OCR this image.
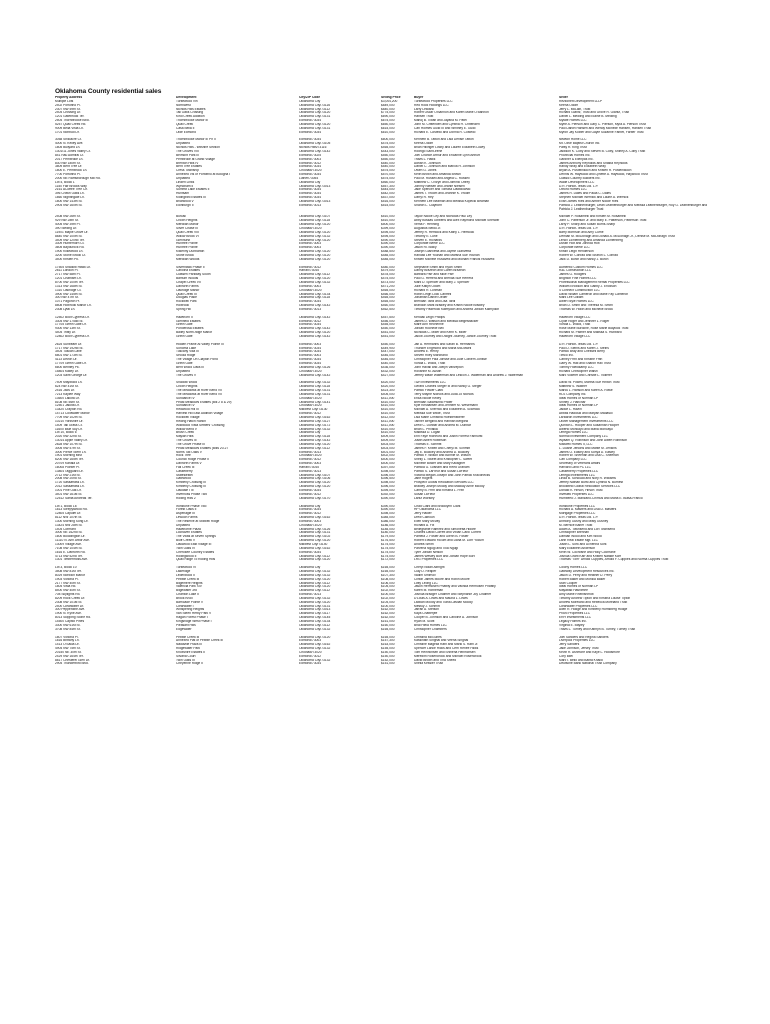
Oklahoma County residential sales
Property Address	Development	City/ZIP Code	Selling Price	Buyer	Seller
Multiple Lots	Turtlewood Vlh	Oklahoma City	$3,004,200	Turtlewood Properties LLC	Rezzonett Development LLLP
2402 Portofino Pl.	Northwest	Oklahoma City/73116	$849,000	Red Rock Holdings LLC	Keena Odom
2307 NW 59th St.	Nichols Hills Estates	Oklahoma City/73112	$840,000	Larry LeBlanc	Jerry L. McLain, Trust
2404 Crossing Dr.	Tall Oaks Crossing	Oklahoma City/73120	$775,000	Robert Oscar O'Bannon and Karen Marie O'Bannon	Richard Glantz, Trust and Grove R. Glantz, Trust
1201 Gatebrook Ter.	Kind Creek Addition	Oklahoma City/73131	$690,000	Hansen Trust	Daniel L. Medling and Elaine B. Medling
2504 Thornbrooke Blvd.	Thornbrooke Manor III	Edmond/73034	$675,000	Manoj B. Tiwari and Jayana M. Patel	Mylate Homes LLC
5257 Quail Creek Rd.	Quail Creek	Oklahoma City/73120	$650,000	John M. Crittenden and Cynthia H. Crittenden	Myrle A. Pierson and Gary C. Pierson, Myra A. Pierson Trust
9009 Bella Vista Ln.	Casa Bella II	Oklahoma City/73131	$615,000	Carl Holmes Guild III and Whitney E. Guild	Paul Daniel Hansen and Wendy Michelle Hansen, Hansen Trust
1701 Nonbud Dr.	Olde Edmond	Edmond/73034	$610,000	Richard E. Costello and Donna R. Costello	Myron Jay Kolber and Gayle Suzanne Farbet, Farber Trust

3058 Shiloacre Ct.	Thornbrooke Manor III Ph II	Edmond/73034	$600,000	Kenneth B. Tatton and Lisa Denise Tatton	Newton Home LLC
4000 N. Kelley Ave.	Unplatted	Oklahoma City/73105	$475,000	Keena Odom	Mt. Olive Baptist Church Inc.
1805 Bullyard Ln.	Nichols Hills - Wilshire Section	Nichols Hills/73116	$465,000	Brian Hillinger Lowry and Lauren Elizabeth Lowry	Patsy R. King Trust
1301/11 Jones Valley Ct.	The Groves VIII	Oklahoma City/73142	$443,000	Rodrigo Saint-Irene	Jackson K. Coby and Steven B. Coby, Shirley A. Coby Trust
841 Rau Admiral Ct.	Belmont Park III	Edmond/73025	$550,000	Joel Chance Arthur and Ericanne Lynn Arthurt	Provincial Homes Inc.
2017 Pembroke Ln.	Pembroke at Grand Village	Edmond/73003	$550,000	Travis L. Hawk	Gardner & Ellenpas Inc.
830 NW 180th St.	Brenton Hills IV	Edmond/73012	$540,000	Adrian K. Johnson	James Anthony Reynolds and Shasta Reynolds
3809 Bent Tree Dr.	Bent Tree Estates	Edmond/73034	$540,000	Daniel C. Johnson and Marcia H. Johnson	Randy Wray and Elizabeth Wray
1800 E. Pembrook Ln.	Cress Township	Choctaw/73020	$575,000	Owen G. Jones	Bryan A. Pustelnikoch and Kristen R. Pustelnikoch
7700 Portofino Pl.	Annexed Vls of Portofino at Bologna I	Edmond/73034	$570,000	Keith Brown and Amanda Brown	Dennis W. Haywood and Lynette A. Haywood, Haywood Trust
2000 NE Ramsborough Mill Rd.	Unplatted	Luther/73054	$575,000	Paul M. Russell and Angela C. Russell	Classic Country Builders Inc.
Lot 4, Block 1	Linden Links	Oklahoma City	$560,000	Matthew C. O'Bryn and Dominic Obrey	Wade Development LLC
1150 Fair Brooks Way	Wyndham II	Oklahoma City/73013	$557,300	Johnny Nielsen and Jeanie Nielsen	D.R. Horton-Texas Ltd. L.P.
2161 ACoffee Tree Cir.	Summit Lake Estates II	Edmond/73034	$544,000	Jake Spencer and Tomasz Dawidowski	Oxford Homes LLC
396 Crown Oaks Ln.	Huntsam	Edmond/73034	$542,000	James T. Vroom and Jeannie K. Vroom	James R. Dales and Paula C. Dales
1860 Nightingale Ln.	Kidingbird Estates III	Edmond/73034	$537,000	Darryl R. Rey	Stephen Michael Wernick and Laurie A. Wernick
1800 NW 143th St.	Briarwood V	Oklahoma City/73013	$516,000	Kenneth Lee Beaman and Melissa Kopecki Beaman	Evan James Ries and Amber Nicole Ries
2904 NW 160th St.	Edinburgh II	Edmond/73013	$515,000	Sharon L. Clayborn	Patricia J. Leathenburger, Dean Leathenburger and Melissa Leathenburger, Roy G. Leathenburger and Patricia J. Leathenburger Trust

2408 NW 26th St.	Burcall	Oklahoma City/73107	$510,000	Taylor Nicole Ley and Nicholas Paul Ley	Michael P. Rosamelli and Kristen M. Rosamelli
929 NW 28th St.	Crown Heights	Oklahoma City/73118	$510,000	Abby Boskas Gibbens and Alex Raymond Michael Sherwar	John C. Patterson Jr. and Mary E. Patterson, Patterson Trust
4005 NW 39th Pl.	Meridian Manor	Oklahoma City/73120	$500,000	Verna F. Henning	Larry P. Sharp and Susan Burns-Sharp
390 Stelling Dr.	Silver Chase III	Choctaw/73020	$399,000	Augustus Beldu Jr.	D.R. Horton-Texas Ltd. L.P.
11901 Maple Grove Dr.	Quail Creek VIII	Oklahoma City/73120	$495,000	Jeffrey R. Hemlock and Kathy L. Hemlock	Barry Morrison and Amy Currie
8840 NW 100th St.	Willow Brook VI	Oklahoma City/73132	$495,000	Timothy E. Lurie	Demian M. McDonagh and Donald A. McDonagh Jr., Denise M. McDonagh Trust
3409 NW 120nd Ter.	Glenhurst	Oklahoma City/73120	$490,000	Steven E. Richards	Lenox Lichtenberg and Amanda Lichtenberg
3309 Hunterhorn Ct.	Huntree Pointe	Edmond/73003	$390,000	Corporate Bertie LLC	Dustin Holt and Johnda Holt
3605 Bayourock Rd.	Huntree Pointe	Edmond/73003	$390,000	Jason Ri. Bodiy	Corporate Bertie LLC
1900 Kilkewood Ln.	Kilkenny Dunbarton	Oklahoma City/73120	$488,500	Joseph Gianvetta and Jayme Gianvetta	Kristin Leigh Henderson
3200 Stone Brook Ct.	Stone Brook	Oklahoma City/73120	$485,000	Randall Lee Younan and Marsha Sue Younan	Robert W. Conrad and Sharon L. Conrad
3400 Kristen Pk.	Meridian Woods	Oklahoma City/73120	$485,000	Kristen Michele Rusavelli and Michael Francis Rusavelli	Jack D. Burch and Nancy J. Burch

17505 Shadow Hawk Ln.	Silverhawk Phase II	Edmond/73012	$480,000	Stephanie Smith and Ryan Smith	Authentic Custom Homes LLC
2811 London Pl.	Carolina Estates	Harrah/73045	$479,000	Danny Brazeon and Caren Brazeon	R&L Construction LLC
2717 NW 58th Pl.	Classen Parkway South	Oklahoma City/73112	$478,000	Barbara Parr and Mike Parr	James G. Rodgers
1201 Chatham Ln.	Bamum Woods	Oklahoma City/73120	$475,000	Paul G. Herrera and Brenda Sue Herrera	Brighton Fine Homes LLC
8700 NW 100th Ter.	Chapel Creek VII	Oklahoma City/73132	$473,000	Mark D. Spencer and Mary J. Spencer	Professional Management Rental Properties LLC
1313 NW 168th St.	Danforth Farms	Edmond/73003	$471,200	Julie Katlyn Odom	William Erickson and Gabby J. Erickson
1310 Oakridge Ct.	Oakridge Manor	Choctaw/73020	$465,000	Richard R. Lohman	4 Connect Construction LLC
3900 NW 145th St.	Quail Creek III	Oklahoma City/73134	$466,000	Robin Leigh Lock Cantrell	David Wiliam Cameron and Marie Fay Cameron
300 NW 47th St.	Douglas Place	Oklahoma City/73118	$465,000	Jonathan Daniel Oeder	Mark Lee Gilliam
1071 Pagoron Pl.	Rockwell Park	Edmond/73034	$465,000	Brendan Tardi and Lisa Tardi	Albert Style Homes LLC
8808 Holbrook Manor Ln.	Holbrook	Oklahoma City/73142	$460,000	Brandon Mark Bradley and Kristin Nicole Bradley	Brian D. Smith and Theresa M. Smith
2308 Lytal Ln.	Spring Hill	Edmond/73013	$462,500	Timothy Paderock Kalmydon and Andrea Jordan Kalmydon	Thomas W. Hollin and Michelle Brock

12502 Boot Cypress Dr.	Hawthorn II	Oklahoma City/73142	$457,500	Kendall Leigh Phillips	Hawthorn Village LLC
3304 NW 175dd St.	Gienfield Estates	Edmond/73012	$456,000	James D. Watson and Melissa Beigesbacker	Clyde Roger and Jennifer L. Roger
17705 Griffin Gate Dr.	Griffin Gate	Edmond/73034	$455,000	Mare Ann Rechenne	Vonda L. Wood, Trust
9300 NW 13th St.	Ponderosa Estates	Oklahoma City/73142	$450,000	Jordan Rochelle Bell	Rose Marie Burdone, Rose Marie Blaylock Trust
4404 Tribly Dr.	Bailey North-ridge Manor	Oklahoma City/73120	$451,000	Nicholas C. Miller and Keith K. Miller	Richard M. Palmer and Malissa S. Hubbard
12802 Boot Cypress Dr.	Griffin Gate	Oklahoma City/73142	$451,000	Jacob Journey and Dwight Journey, Janice Journey Trust	Hawthorn Village LLC

2625 Sunbeam Dr.	Hidden Prairie At Valley Pointe III	Edmond/73003	$450,000	Jan A. Hermanns and Sarah B. Hermanns	D.R. Horton-Texas Ltd. L.P.
1717 NW 192nd St.	Sonoma Lake	Edmond/73034	$449,900	Thunder Engmond and Maria McDowell	Paul D. Steins and Karen J. Steins
3404 Tuscan Lane	Tuscany Villa III	Edmond/73034	$447,000	Andrew E. Henry	Patrick Bray and Chessell Berry
6801 NW 173th St.	Secoia Ridge	Edmond/73003	$446,000	Steven Riley Marchand	Timco Inc.
4113 Devon Dr.	The Village On Clayton Pond	Edmond/73034	$446,000	Christopher Paul Jonsse and Julie Conlern Jonsse	Carney Frith and Kristine Frith
17709 Griffin Gate Dr.	Griffin Gate	Edmond/73034	$440,000	Vonda L. Wood, Trust	Garry W. Hall and Sharon Hall Trust
6600 Bentley Pk.	Bent Wood Oaks III	Oklahoma City/73126	$436,000	John Havall and Joelyn Vanzepich	Tommy Hoeldkamp LLC
15804 Kalley Dr.	Unplatted	Choctaw/73020	$432,000	Roxanne M. Austin	Richard Christopher Walsh
1203 Saint George Dr.	The Groves V	Oklahoma City/73142	$427,000	Jeffrey Wade Waterman and LesElin J. Waterman and Andrew J. Waterman	Marc Vollerer and Christie L. Vollerer

7409 Maywood Ln.	Shadow Wood	Oklahoma City/73132	$420,000	T&H Investments LLC	David W. Powell, Martha Sue Hinton Trust
624 NW 41st St.	Crown Heights	Oklahoma City/73118	$420,000	Gerard Charles Steger III and Nancy G. Steger	Matthew S. Wallner
2416 Jacs Dr.	The Meadows at River Bend VII	Oklahoma City/73131	$423,300	Patrick Fowler Clark	Marcu L. Hanson and Karen A. Rowe
7213 Kaylee Way	The Meadows at River Bend VII	Oklahoma City/73131	$405,000	Terry Mayne Nichols and Juda Jo Nichols	RLS Company Inc.
13600 Lakota Dr.	Sundance IV	Choctaw/73020	$411,000	Erika Nicole Kelley	Ideal Homes of Norman LP
8108 NE 56th St.	Pedal Meadows Estates (Blk 2 8 & 29)	Oklahoma City/73141	$410,000	Brendan Salamutha Prater	Shirley J. Hanchar
12501 Jakota Dr.	Sundance IV	Choctaw/73020	$410,000	Kyle Kristiansen and Jennifer M. Wesemann	Ideal Homes of Norman LP
13420 Crayton Rd.	Redwood Hill III	Midwest City/73130	$410,000	Michael A. Sherrick and Elizabeth A. Scarrock	Jackie L. Havlin
14713 Coldwater Manor	Harvest Hill East Addition Village	Edmond/73012	$410,000	Melissa Sue Wilde, Trust	Abbas Hadioud and Maryan Madasol
7709 NW 102th St.	Rockwell Village	Oklahoma City/73162	$412,000	Lisa Marie Christina Hoestenstierer	LarBaron Investments LLC
10210 Yorkshire Dr.	Reding Hatch Ranch	Oklahoma City/73127	$411,000	Tanner Berglind and Hannah Berglind	Olivier Management Investments LLC
1409 Tall Grass Ct.	Wildwood Vista Settlers' Crossing	Oklahoma City/73172	$411,000	Drew C. Dunbar and Andrea M. Dunbar	Quinton L. Hooper and Susannah Hooper
11600 Blue Sky Dr.	Willow Bend V	Oklahoma City/73132	$410,000	Brian L. Privalka	Alberto Moncayo and Maria Moncayo
Lot 10, Block 6	Brush Creek	Oklahoma City	$410,000	Madissa D. Logan	Omega Homes LLC
2020 NW 32nd St.	Maylan Hills	Oklahoma City/73118	$409,000	Erin Faye Richeurd and Justin Forrest Fairhurst	Normal Investment Company LLC
13014 Apple Valley Dr.	The Groves III	Oklahoma City/73142	$409,000	Justin Albert Robinson	Wyaam Q. Robinson and John Albert Robinson
2828 NW 107th St.	The Grove Phase III	Oklahoma City/73120	$403,000	Thomas E. Schmitt	Maxwell Homes II, LLC
3005 NW 57th St.	Pedal Meadows Estates (Blks 20-27	Oklahoma City/73112	$403,000	James F. Kribelt and Cheryl M. Schmitt	L. Duane Jenkins and Mattie M. Jenkins
3000 Pierce Stern Ln.	Norris Tall Oaks V	Edmond/73013	$401,000	Jay E. Buckley and Andrea D. Buckley	James O. Easley and Sonya D. Easley
1901 Morning Mist	Rock Tree	Choctaw/73020	$402,000	Patrick F. Wilson and Bonnie M. Wilson	Robert W. Sheehan and Lisa C. Sheehan
6200 NW 165th Ter.	Council Ridge Phase II	Edmond/73012	$400,000	Shelly L. Sweet and Kristopher L. Sweet	Carl Company LLC
20709 Kahala Dr.	Danforth Farms V	Edmond/73003	$400,000	Michelle Bower and Mary Kallagher	Secretary of Veterans Affairs
16008 Pointer Pl.	Fall Creek III	Harrah/73045	$397,000	Patricia G. Graham and Reed Graham	Harvard Land PC LLC
13804 Tagguard Dr.	Castleberry	Edmond/73013	$398,000	Patrick S. LaFleur and Susan LaFleur	Castleberry Properties LLC
2712 NW 21st St.	Stateslestel	Oklahoma City/73107	$396,000	Victoria Megan Joseph and John Patrick Kraconecks	Omega Investments LLC
2008 NW 20nd St.	Gatewood	Oklahoma City/73106	$396,500	Jane Rogers	Linda B. Schouad and Nory R. Williams
1720 Sassafrass Ln.	Kimberly Crossing III	Oklahoma City/73120	$398,000	Prospect Global Relocation Services LLC	Jeffrey Nathan Burst and Cynthia N. Burnest
2012 Sassafrass Ln.	Kimberly Crossing III	Oklahoma City/73120	$396,000	Bradley Joseph Moody and Mackay Anne Moody	Brookfield Global Relocation Services LLC
1001 Pine Oak Dr.	Oakdale I III	Edmond/73034	$395,000	Carmy B. Frith and Kristina L. Frith	Donald K. Hirsch, Hirsch Trust
3401 NW 161st St.	Invernoss Phase Two	Edmond/73012	$392,000	Susan LaFleur	Investek Properties LLC
12512 Santa Andreas Ter.	Rolling Hills 2	Oklahoma City/73170	$390,000	Lantz Worsley	Humberto J. Manzano-Chimus and Maria E. Blasa-Franco

Lot 1, Block 18	Ironstone Phase Two	Oklahoma City	$390,000	Chad Clark and Brooklynn Clark	Ironstone Properties LLC
1813 Sleepytwood Rd.	Forest Oaks II	Edmond/73034	$390,000	HP Oklahoma LLC	Richard A. Masters and Lisa D. Masters
12805 Capulet Dr.	Aspenagle III	Edmond/73012	$398,000	Jerry Halder	Mortgage Properties LLC
8112 NW 107th St.	Lewoon Farms	Oklahoma City/73162	$385,000	Drew Calhoun	D.R. Horton-Texas Ltd. L.P.
1300 Morning Song Dr.	The Reserve at Stillwell Ridge	Edmond/73003	$386,000	Ellen Mary McVay	Anthony Gushy and Misty Gushey
13424 NW 28th St.	Unplatted	Choctaw/73020	$186,000	Richard A. Fix	M. Bernice Baher Trust
1404 Cormant	Hawthorne Plaza	Oklahoma City/73126	$185,000	Bellegrante Ramirez and Simonetta Hiddre	Adam A. Townsend and Lori Townsend
3000 NE 162nd St.	Lochaven Estates	Oklahoma City/73131	$180,000	Charles David Corrett and Vivian Carol Corrett	Christopher Brennan
1600 Bloodington Dr.	The Villas at Seven Springs	Oklahoma City/73102	$179,000	Pamela J. Foster and Glenn B. Foster	Damian Wood and Kim Wood
11110 N. Ann Arbor Ave.	Bluff Creek V	Oklahoma City/73120	$176,500	Robert Edward Yocum and Dana M. Lohr Yocum	Lahrl Real Estate Mgt. LLC
13009 Village Ave.	Oakwood East Village III	Midwest City/73140	$175,000	Andrea Smith	Justin L. Sork and Uchenna Sork
7108 NW 104th St.	Twin Oaks IV	Oklahoma City/73162	$175,000	Parvena Ngugi and Tika Ngugi	Mary Elizabeth Anderson
1616 E. Danforth Rd.	Cherokee Country Estates	Edmond/73034	$175,000	Tyler Jordan Nelson	Keith W. Cochrane and Holly Cochrane
4713 NW 52nd Ter.	Rollingwood II	Oklahoma City/73112	$175,000	James Wesley Burt and Jordan Hope Burt	Joshua Grant Karr and Kristen Natalie Karr
1301 Timbermoss Ave.	Quail Ridge To Rolling Hills	Oklahoma City/73120	$172,000	LRG Properties LLC	Thomas "Tom" Arnold Cupples, Arnold F. Cupples and Norma Cupples Trust

Lot 3, Block 10	Turtlewood VI	Oklahoma City	$165,000	Cheryl Nolan Albright	Colony Homes LLC
3508 NW 81st Ter.	Lakeridge	Oklahoma City/73132	$165,000	Clay D. Reaper	Gateway Development Resources Inc.
8029 Norwich Manor	Lederwood II	Oklahoma City/73132	$107,300	Vadim Smirnov	Jason D. Perry and Heather D. Perry
1903 Victoria Pl.	Pebble Creek III	Oklahoma City/73120	$108,000	Clifton James Moore and Robin Moore	Robert Baker and Monica Baker
2177 NW 40th St.	Bilgemere Heights	Oklahoma City/73112	$106,000	Lotty Leong LLC	Starl Cooper
1804 Vista Rd.	Valencia Park XIV	Oklahoma City/73120	$105,000	Jason Hermosen Phattity and Valinda Hermosen Phattity	Ideal Homes of Norman LP
8400 NW 40th St.	Bilgewater 3rd	Oklahoma City/73112	$102,000	Karen M. Rotheman	Mayabad Hashimee
708 Skylights Rd.	Charlton Lake II	Edmond/73013	$100,000	Joshua Bradger Chalmer and Stephanie Joy Chalmer	Amy Marie Rheinshmidt
8209 Rock Creek Dr.	Brook Knoll	Oklahoma City/73132	$102,000	D'Louis A. Lewis and Mauna L. Lewis	Timothy Andrew Tipton and Kristina Louise Tipton
2308 NW 101st St.	Barricade Pointe V	Oklahoma City/73120	$104,000	LaMiah Moody and Tiana LaMiah Moody	Andrew Moreland and Rebecca Moreland Trust
2400 Clearwater Dr.	Clearwater I	Oklahoma City/73131	$100,000	Mestuy J. Schmitt	Clearwater Properties LLC
300 Pepperdine Ave.	Whispering Heights	Oklahoma City/73013	$162,000	Jarrah A. Stetson	Allen R. Hodge and Kimberly Hornsberg Hodge
1900 N. Kyrie Ave.	Van Steen Herby Park V	Oklahoma City/73117	$162,000	Kaya Chatterjee	Provo Properties LLC
8013 Skipping Stone Rd.	Ragan Forest Phase I	Oklahoma City/73145	$162,000	Cooper B. Johnson and Caroline A. Johnson	ERH Investments LLC
14500 Capitol Pines	Kingsridge West Phase I	Oklahoma City/73134	$161,000	Ryan M. Scott	Legacy Homes Inc.
3300 NW 61st St.	Pleasant Hills	Oklahoma City/73112	$160,000	Bhal Hleia Homes LLC	Virginia E. Bayley
3708 NW 84th St.	Edgewater	Oklahoma City/73132	$165,000	Christopher Chambers	Travis L. Turney and Kathryn B. Turney, Turney Trust

1807 Victoria Pl.	Pebble Creek III	Oklahoma City/73120	$165,000	Christina McGuires	Joel Sanders and Regina Sanders
1816 Brittany Ln.	Annexed Plat of Pebble Creek III	Edmond/73003	$157,300	Kassinath Singhal and Veena Singhal	Liverpool Properties LLC
1413 O'Sakla Dr.	Nadaville Plaza III	Oklahoma City/73162	$163,000	Christine Magella Rath and Marki S. Rath Jr.	Jerry Sanders
4904 NW 75th St.	Ridgewater Park	Oklahoma City/73132	$155,000	Spencer Lance Hicks and Cerri Renee Hicks	Jake Johnson, Jersey Trust
20150 NE 30th St.	Knoxshire Estates II	Choctaw/73020	$150,000	Tom Heinrichsen and Shirlena Heinrichsen	Kevin R. Ashmore and Kaye L. Holdsmore
2429 NW 164th Ter.	Silvana Court	Edmond/73012	$150,000	Meredith Rosencrook and Michael Rosencrook	Cory Bilel
8817 Chesterel Glen Dr.	Twin Oaks III	Oklahoma City/73132	$152,000	David Brown and Tina Sneed	Marc I. Bello and Banta Khalid
2904 Thunderbird Blvd.	Cheyenne Ridge II	Edmond/73034	$151,000	Shelia Kessler Trust	Deutsche Bank National Trust Company
